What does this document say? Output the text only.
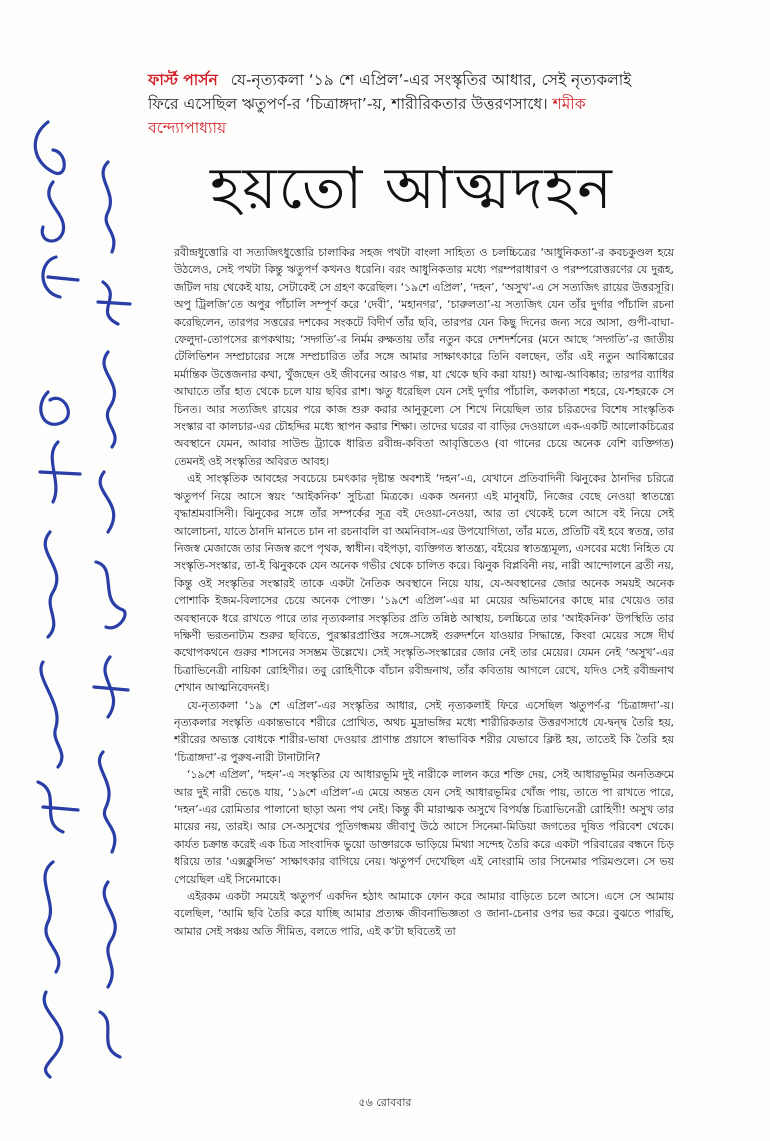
ফার্স্ট পার্সন যে-নৃত্যকলা ‘১৯ শে এপ্রিল’-এর সংস্কৃতির আধার, সেই নৃত্যকলাই ফিরে এসেছিল ঋতুপর্ণ-র ‘চিত্রাঙ্গদা’-য়, শারীরিকতার উত্তরণসাধে। শমীক বন্দ্যোপাধ্যায়
হয়তো আত্মদহন

রবীন্দ্রধুত্তোরি বা সত্যজিৎধুত্তোরি চালাকির সহজ পথটা বাংলা সাহিত্য ও চলচ্চিত্রের ‘আধুনিকতা’-র কবচকুণ্ডল হয়ে উঠলেও, সেই পথটা কিন্তু ঋতুপর্ণ কখনও ধরেনি। বরং আধুনিকতার মধ্যে পরম্পরাধারণ ও পরম্পরোত্তরণের যে দুরূহ, জটিল দায় থেকেই যায়, সেটাকেই সে গ্রহণ করেছিল। ‘১৯শে এপ্রিল’, ‘দহন’, ‘অসুখ’-এ সে সত্যজিৎ রায়ের উত্তরসূরি। অপু ট্রিলজি’তে অপুর পাঁচালি সম্পূর্ণ করে ‘দেবী’, ‘মহানগর’, ‘চারুলতা’-য় সত্যজিৎ যেন তাঁর দুর্গার পাঁচালি রচনা করেছিলেন, তারপর সত্তরের দশকের সংকটে বিদীর্ণ তাঁর ছবি, তারপর যেন কিছু দিনের জন্য সরে আসা, গুপী-বাঘা-ফেলুদা-তোপসের রূপকথায়; ‘সদ্গতি’-র নির্মম রুক্ষতায় তাঁর নতুন করে দেশদর্শনের (মনে আছে ‘সদ্গতি’-র জাতীয় টেলিভিশন সম্প্রচারের সঙ্গে সম্প্রচারিত তাঁর সঙ্গে আমার সাক্ষাৎকারে তিনি বলছেন, তাঁর এই নতুন আবিষ্কারের মর্মান্তিক উত্তেজনার কথা, খুঁজছেন ওই জীবনের আরও গল্প, যা থেকে ছবি করা যায়!) আত্ম-আবিষ্কার; তারপর ব্যাধির আঘাতে তাঁর হাত থেকে চলে যায় ছবির রাশ। ঋতু ধরেছিল যেন সেই দুর্গার পাঁচালি, কলকাতা শহরে, যে-শহরকে সে চিনত। আর সত্যজিৎ রায়ের পরে কাজ শুরু করার আনুকূল্যে সে শিখে নিয়েছিল তার চরিত্রদের বিশেষ সাংস্কৃতিক সংস্কার বা কালচার-এর চৌহদ্দির মধ্যে স্থাপন করার শিক্ষা। তাদের ঘরের বা বাড়ির দেওয়ালে এক-একটি আলোকচিত্রের অবস্থানে যেমন, আবার সাউন্ড ট্র্যাকে ধারিত রবীন্দ্র-কবিতা আবৃত্তিতেও (বা গানের চেয়ে অনেক বেশি ব্যক্তিগত) তেমনই ওই সংস্কৃতির অবিরত আবহ।

এই সাংস্কৃতিক আবহের সবচেয়ে চমৎকার দৃষ্টান্ত অবশ্যই ‘দহন’-এ, যেখানে প্রতিবাদিনী ঝিনুকের ঠানদির চরিত্রে ঋতুপর্ণ নিয়ে আসে স্বয়ং ‘আইকনিক’ সুচিত্রা মিত্রকে। একক অনন্যা এই মানুষটি, নিজের বেছে নেওয়া স্বাতন্ত্র্যে বৃদ্ধাশ্রমবাসিনী। ঝিনুকের সঙ্গে তাঁর সম্পর্কের সূত্র বই দেওয়া-নেওয়া, আর তা থেকেই চলে আসে বই নিয়ে সেই আলোচনা, যাতে ঠানদি মানতে চান না রচনাবলি বা অমনিবাস-এর উপযোগিতা, তাঁর মতে, প্রতিটি বই হবে স্বতন্ত্র, তার নিজস্ব মেজাজে তার নিজস্ব রূপে পৃথক, স্বাধীন। বইপড়া, ব্যক্তিগত স্বাতন্ত্র্য, বইয়ের স্বাতন্ত্র্যমূল্য, এসবের মধ্যে নিহিত যে সংস্কৃতি-সংস্কার, তা-ই ঝিনুককে যেন অনেক গভীর থেকে চালিত করে। ঝিনুক বিপ্লবিনী নয়, নারী আন্দোলনে ব্রতী নয়, কিন্তু ওই সংস্কৃতির সংস্কারই তাকে একটা নৈতিক অবস্থানে নিয়ে যায়, যে-অবস্থানের জোর অনেক সময়ই অনেক পোশাকি ইজম-বিলাসের চেয়ে অনেক পোক্ত। ‘১৯শে এপ্রিল’-এর মা মেয়ের অভিমানের কাছে মার খেয়েও তার অবস্থানকে ধরে রাখতে পারে তার নৃত্যকলার সংস্কৃতির প্রতি তন্নিষ্ঠ আস্থায়, চলচ্চিত্রে তার ‘আইকনিক’ উপস্থিতি তার দক্ষিণী ভরতনাট্যম শুরুর ছবিতে, পুরস্কারপ্রাপ্তির সঙ্গে-সঙ্গেই গুরুদর্শনে যাওয়ার সিদ্ধান্তে, কিংবা মেয়ের সঙ্গে দীর্ঘ কথোপকথনে গুরুর শাসনের সসম্ভ্রম উল্লেখে। সেই সংস্কৃতি-সংস্কারের জোর নেই তার মেয়ের। যেমন নেই ‘অসুখ’-এর চিত্রাভিনেত্রী নায়িকা রোহিণীর। তবু রোহিণীকে বাঁচান রবীন্দ্রনাথ, তাঁর কবিতায় আগলে রেখে, যদিও সেই রবীন্দ্রনাথ শেখান আত্মনিবেদনই।

যে-নৃত্যকলা ‘১৯ শে এপ্রিল’-এর সংস্কৃতির আধার, সেই নৃত্যকলাই ফিরে এসেছিল ঋতুপর্ণ-র ‘চিত্রাঙ্গদা’-য়। নৃত্যকলার সংস্কৃতি একান্তভাবে শরীরে প্রোথিত, অথচ মুদ্রাভঙ্গির মধ্যে শারীরিকতার উত্তরণসাধে যে-দ্বন্দ্ব তৈরি হয়, শরীরের অভ্যস্ত বোধকে শারীর-ভাষা দেওয়ার প্রাণান্ত প্রয়াসে স্বাভাবিক শরীর যেভাবে ক্লিষ্ট হয়, তাতেই কি তৈরি হয় ‘চিত্রাঙ্গদা’-র পুরুষ-নারী টানাটানি?

‘১৯শে এপ্রিল’, ‘দহন’-এ সংস্কৃতির যে আধারভূমি দুই নারীকে লালন করে শক্তি দেয়, সেই আধারভূমির অনতিক্রমে আর দুই নারী ভেঙে যায়, ‘১৯শে এপ্রিল’-এ মেয়ে অন্তত যেন সেই আধারভূমির খোঁজ পায়, তাতে পা রাখতে পারে, ‘দহন’-এর রোমিতার পালানো ছাড়া অন্য পথ নেই। কিন্তু কী মারাত্মক অসুখে বিপর্যস্ত চিত্রাভিনেত্রী রোহিণী! অসুখ তার মায়ের নয়, তারই। আর সে-অসুখের পূতিগন্ধময় জীবাণু উঠে আসে সিনেমা-মিডিয়া জগতের দূষিত পরিবেশ থেকে। কার্যত চক্রান্ত করেই এক চিত্র সাংবাদিক ভুয়ো ডাক্তারকে ভাড়িয়ে মিথ্যা সন্দেহ তৈরি করে একটা পরিবারের বন্ধনে চিড় ধরিয়ে তার ‘এক্সক্লুসিভ’ সাক্ষাৎকার বাগিয়ে নেয়। ঋতুপর্ণ দেখেছিল এই নোংরামি তার সিনেমার পরিমণ্ডলে। সে ভয় পেয়েছিল এই সিনেমাকে।

এইরকম একটা সময়েই ঋতুপর্ণ একদিন হঠাৎ আমাকে ফোন করে আমার বাড়িতে চলে আসে। এসে সে আমায় বলেছিল, ‘আমি ছবি তৈরি করে যাচ্ছি আমার প্রত্যক্ষ জীবনাভিজ্ঞতা ও জানা-চেনার ওপর ভর করে। বুঝতে পারছি, আমার সেই সঞ্চয় অতি সীমিত, বলতে পারি, এই ক’টা ছবিতেই তা

৫৬ রোববার
